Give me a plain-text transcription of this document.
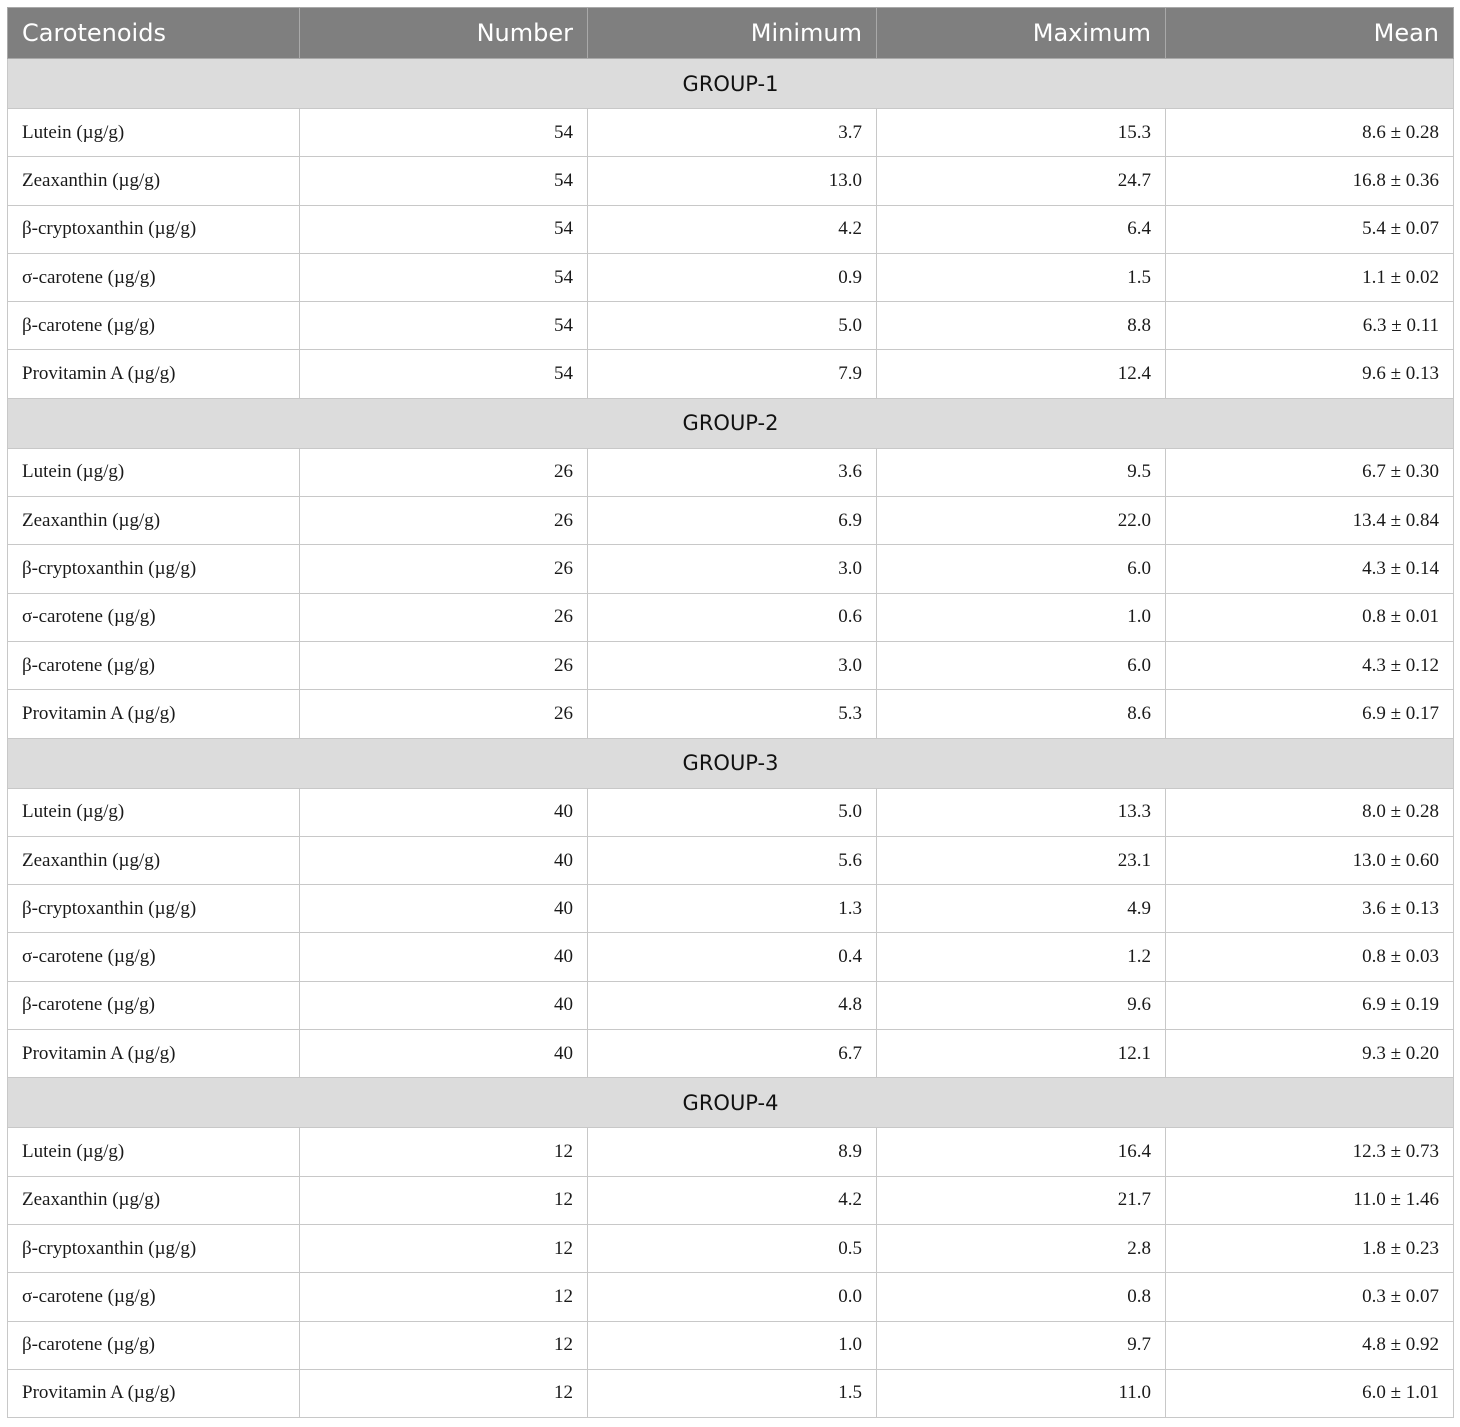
Carotenoids	Number	Minimum	Maximum	Mean
GROUP-1				
Lutein (µg/g)	54	3.7	15.3	8.6 ± 0.28
Zeaxanthin (µg/g)	54	13.0	24.7	16.8 ± 0.36
β-cryptoxanthin (µg/g)	54	4.2	6.4	5.4 ± 0.07
σ-carotene (µg/g)	54	0.9	1.5	1.1 ± 0.02
β-carotene (µg/g)	54	5.0	8.8	6.3 ± 0.11
Provitamin A (µg/g)	54	7.9	12.4	9.6 ± 0.13
GROUP-2				
Lutein (µg/g)	26	3.6	9.5	6.7 ± 0.30
Zeaxanthin (µg/g)	26	6.9	22.0	13.4 ± 0.84
β-cryptoxanthin (µg/g)	26	3.0	6.0	4.3 ± 0.14
σ-carotene (µg/g)	26	0.6	1.0	0.8 ± 0.01
β-carotene (µg/g)	26	3.0	6.0	4.3 ± 0.12
Provitamin A (µg/g)	26	5.3	8.6	6.9 ± 0.17
GROUP-3				
Lutein (µg/g)	40	5.0	13.3	8.0 ± 0.28
Zeaxanthin (µg/g)	40	5.6	23.1	13.0 ± 0.60
β-cryptoxanthin (µg/g)	40	1.3	4.9	3.6 ± 0.13
σ-carotene (µg/g)	40	0.4	1.2	0.8 ± 0.03
β-carotene (µg/g)	40	4.8	9.6	6.9 ± 0.19
Provitamin A (µg/g)	40	6.7	12.1	9.3 ± 0.20
GROUP-4				
Lutein (µg/g)	12	8.9	16.4	12.3 ± 0.73
Zeaxanthin (µg/g)	12	4.2	21.7	11.0 ± 1.46
β-cryptoxanthin (µg/g)	12	0.5	2.8	1.8 ± 0.23
σ-carotene (µg/g)	12	0.0	0.8	0.3 ± 0.07
β-carotene (µg/g)	12	1.0	9.7	4.8 ± 0.92
Provitamin A (µg/g)	12	1.5	11.0	6.0 ± 1.01
